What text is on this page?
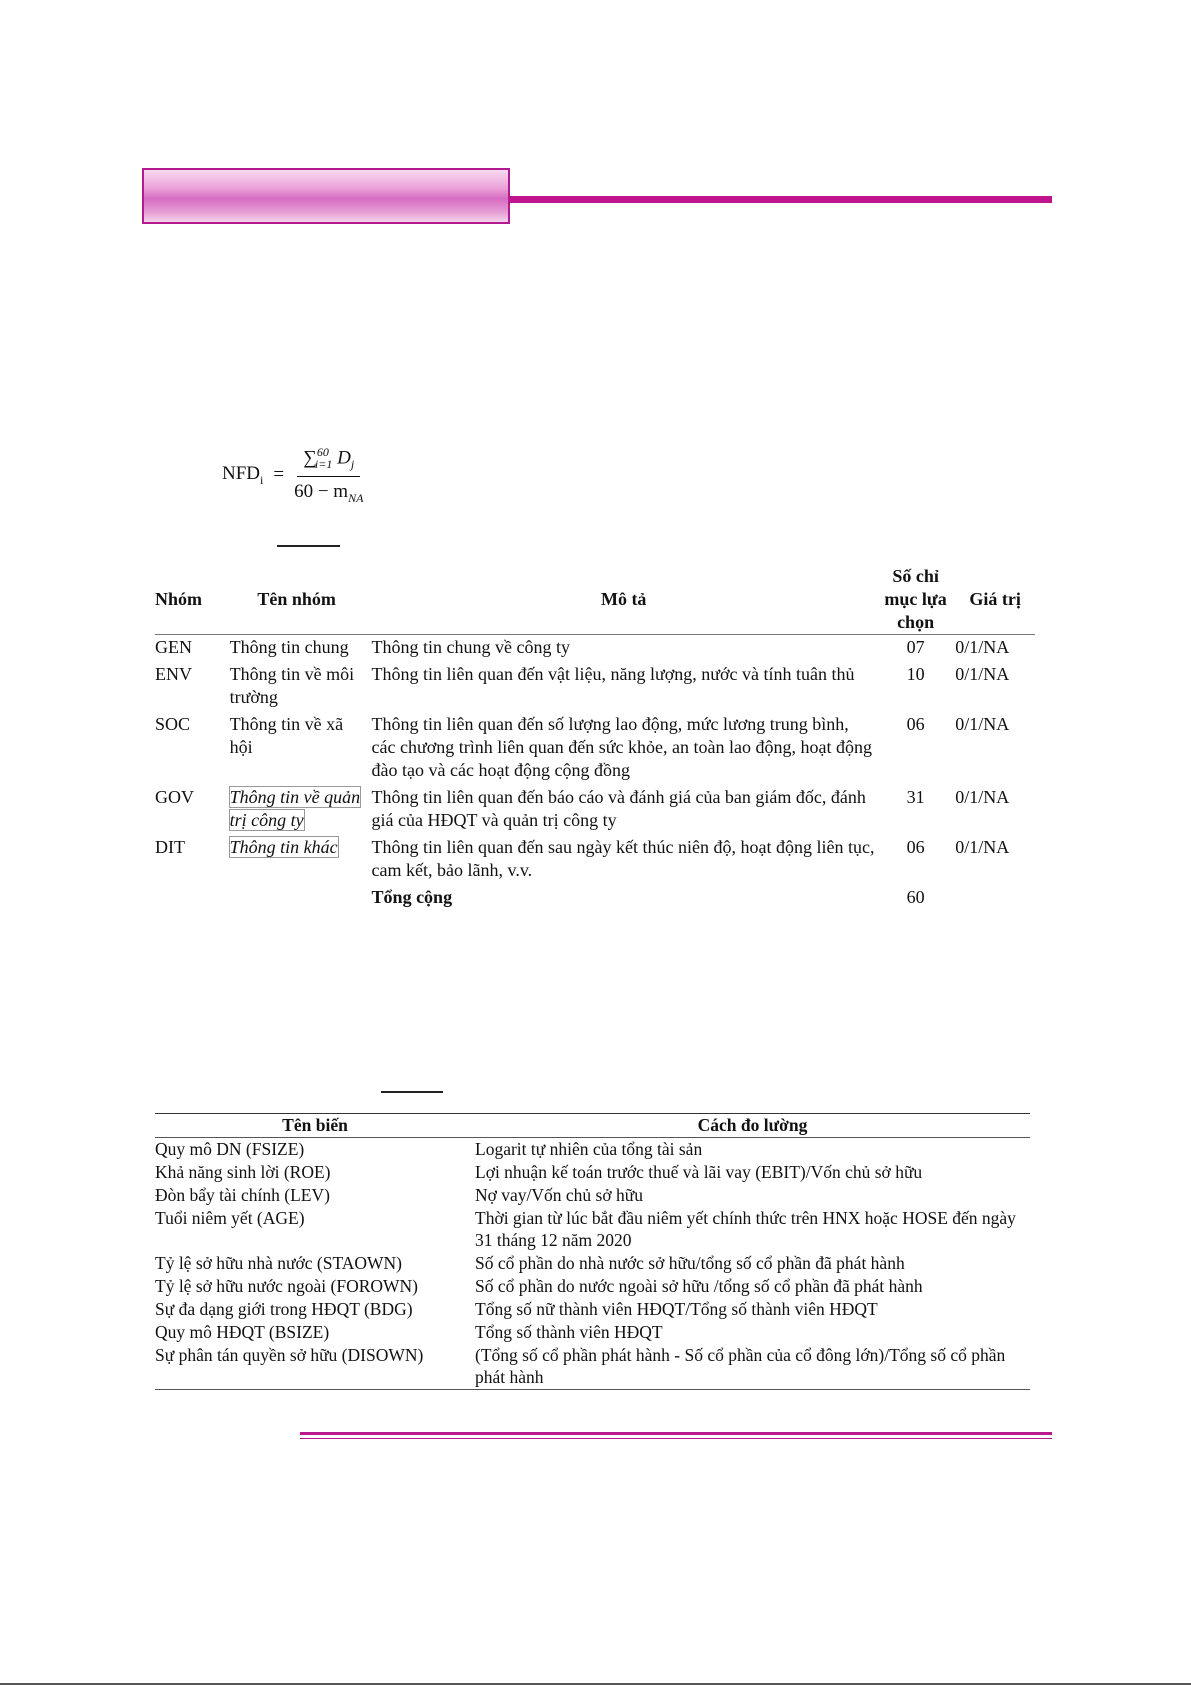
$NFD_i = \frac{\sum^{60}_{i=1} D_j}{60 - m_{NA}}$
Nhóm	Tên nhóm	Mô tả	Số chỉ mục lựa chọn	Giá trị
GEN	Thông tin chung	Thông tin chung về công ty	07	0/1/NA
ENV	Thông tin về môi trường	Thông tin liên quan đến vật liệu, năng lượng, nước và tính tuân thủ	10	0/1/NA
SOC	Thông tin về xã hội	Thông tin liên quan đến số lượng lao động, mức lương trung bình, các chương trình liên quan đến sức khỏe, an toàn lao động, hoạt động đào tạo và các hoạt động cộng đồng	06	0/1/NA
GOV	Thông tin về quản trị công ty	Thông tin liên quan đến báo cáo và đánh giá của ban giám đốc, đánh giá của HĐQT và quản trị công ty	31	0/1/NA
DIT	Thông tin khác	Thông tin liên quan đến sau ngày kết thúc niên độ, hoạt động liên tục, cam kết, bảo lãnh, v.v.	06	0/1/NA
		Tổng cộng	60	
Tên biến	Cách đo lường
Quy mô DN (FSIZE)	Logarit tự nhiên của tổng tài sản
Khả năng sinh lời (ROE)	Lợi nhuận kế toán trước thuế và lãi vay (EBIT)/Vốn chủ sở hữu
Đòn bẩy tài chính (LEV)	Nợ vay/Vốn chủ sở hữu
Tuổi niêm yết (AGE)	Thời gian từ lúc bắt đầu niêm yết chính thức trên HNX hoặc HOSE đến ngày 31 tháng 12 năm 2020
Tỷ lệ sở hữu nhà nước (STAOWN)	Số cổ phần do nhà nước sở hữu/tổng số cổ phần đã phát hành
Tỷ lệ sở hữu nước ngoài (FOROWN)	Số cổ phần do nước ngoài sở hữu /tổng số cổ phần đã phát hành
Sự đa dạng giới trong HĐQT (BDG)	Tổng số nữ thành viên HĐQT/Tổng số thành viên HĐQT
Quy mô HĐQT (BSIZE)	Tổng số thành viên HĐQT
Sự phân tán quyền sở hữu (DISOWN)	(Tổng số cổ phần phát hành - Số cổ phần của cổ đông lớn)/Tổng số cổ phần phát hành
